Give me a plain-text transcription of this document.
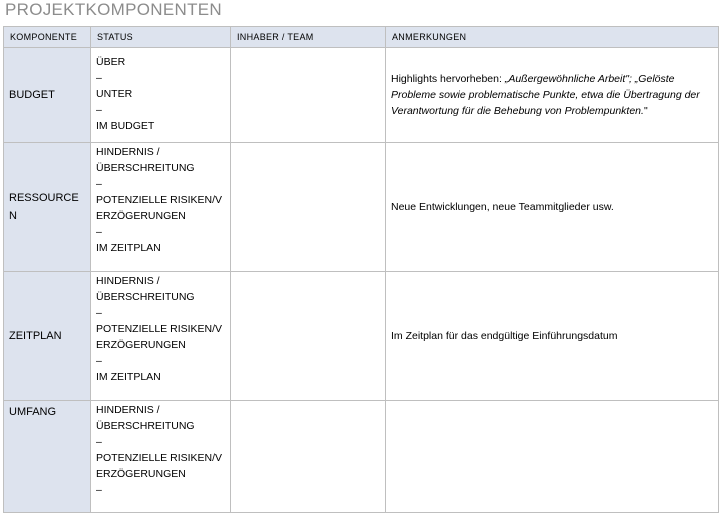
PROJEKTKOMPONENTEN
KOMPONENTE	STATUS	INHABER / TEAM	ANMERKUNGEN
BUDGET	ÜBER
–
UNTER
–
IM BUDGET		Highlights hervorheben: „Außergewöhnliche Arbeit"; „Gelöste Probleme sowie problematische Punkte, etwa die Übertragung der Verantwortung für die Behebung von Problempunkten."
RESSOURCEN	HINDERNIS / ÜBERSCHREITUNG
–
POTENZIELLE RISIKEN/VERZÖGERUNGEN
–
IM ZEITPLAN		Neue Entwicklungen, neue Teammitglieder usw.
ZEITPLAN	HINDERNIS / ÜBERSCHREITUNG
–
POTENZIELLE RISIKEN/VERZÖGERUNGEN
–
IM ZEITPLAN		Im Zeitplan für das endgültige Einführungsdatum
UMFANG	HINDERNIS / ÜBERSCHREITUNG
–
POTENZIELLE RISIKEN/VERZÖGERUNGEN
–		
